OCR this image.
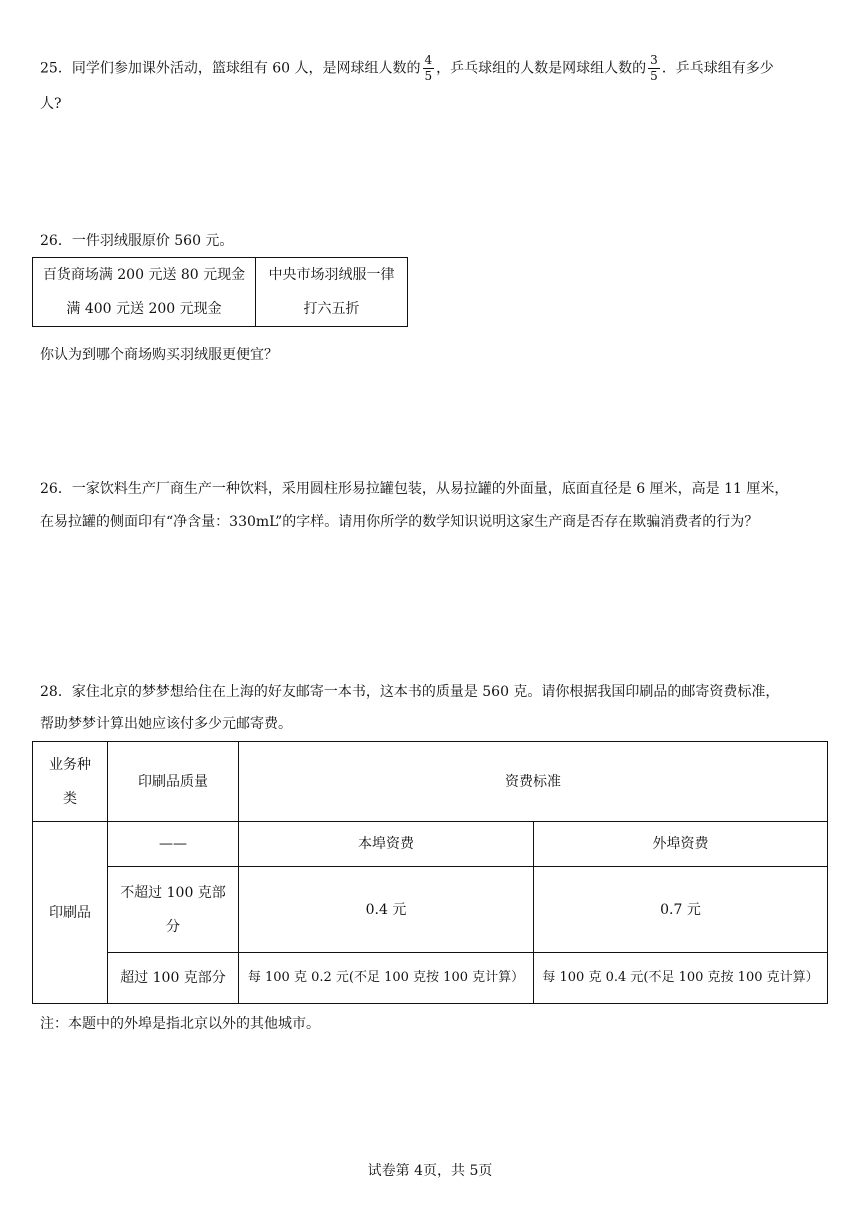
25．同学们参加课外活动，篮球组有 60 人，是网球组人数的 $\frac{4}{5}$ ，乒乓球组的人数是网球组人数的 $\frac{3}{5}$ ．乒乓球组有多少
人?
26．一件羽绒服原价 560 元。
百货商场满 200 元送 80 元现金
满 400 元送 200 元现金

中央市场羽绒服一律
打六五折
你认为到哪个商场购买羽绒服更便宜？
26．一家饮料生产厂商生产一种饮料，采用圆柱形易拉罐包装，从易拉罐的外面量，底面直径是 6 厘米，高是 11 厘米，
在易拉罐的侧面印有“净含量：330mL”的字样。请用你所学的数学知识说明这家生产商是否存在欺骗消费者的行为？
28．家住北京的梦梦想给住在上海的好友邮寄一本书，这本书的质量是 560 克。请你根据我国印刷品的邮寄资费标准，
帮助梦梦计算出她应该付多少元邮寄费。
业务种
类	印刷品质量	资费标准	
印刷品	——	本埠资费	外埠资费

	不超过 100 克部
分	0.4 元	0.7 元
	超过 100 克部分	每 100 克 0.2 元(不足 100 克按 100 克计算）	每 100 克 0.4 元(不足 100 克按 100 克计算）
注：本题中的外埠是指北京以外的其他城市。
试卷第 4页，共 5页
